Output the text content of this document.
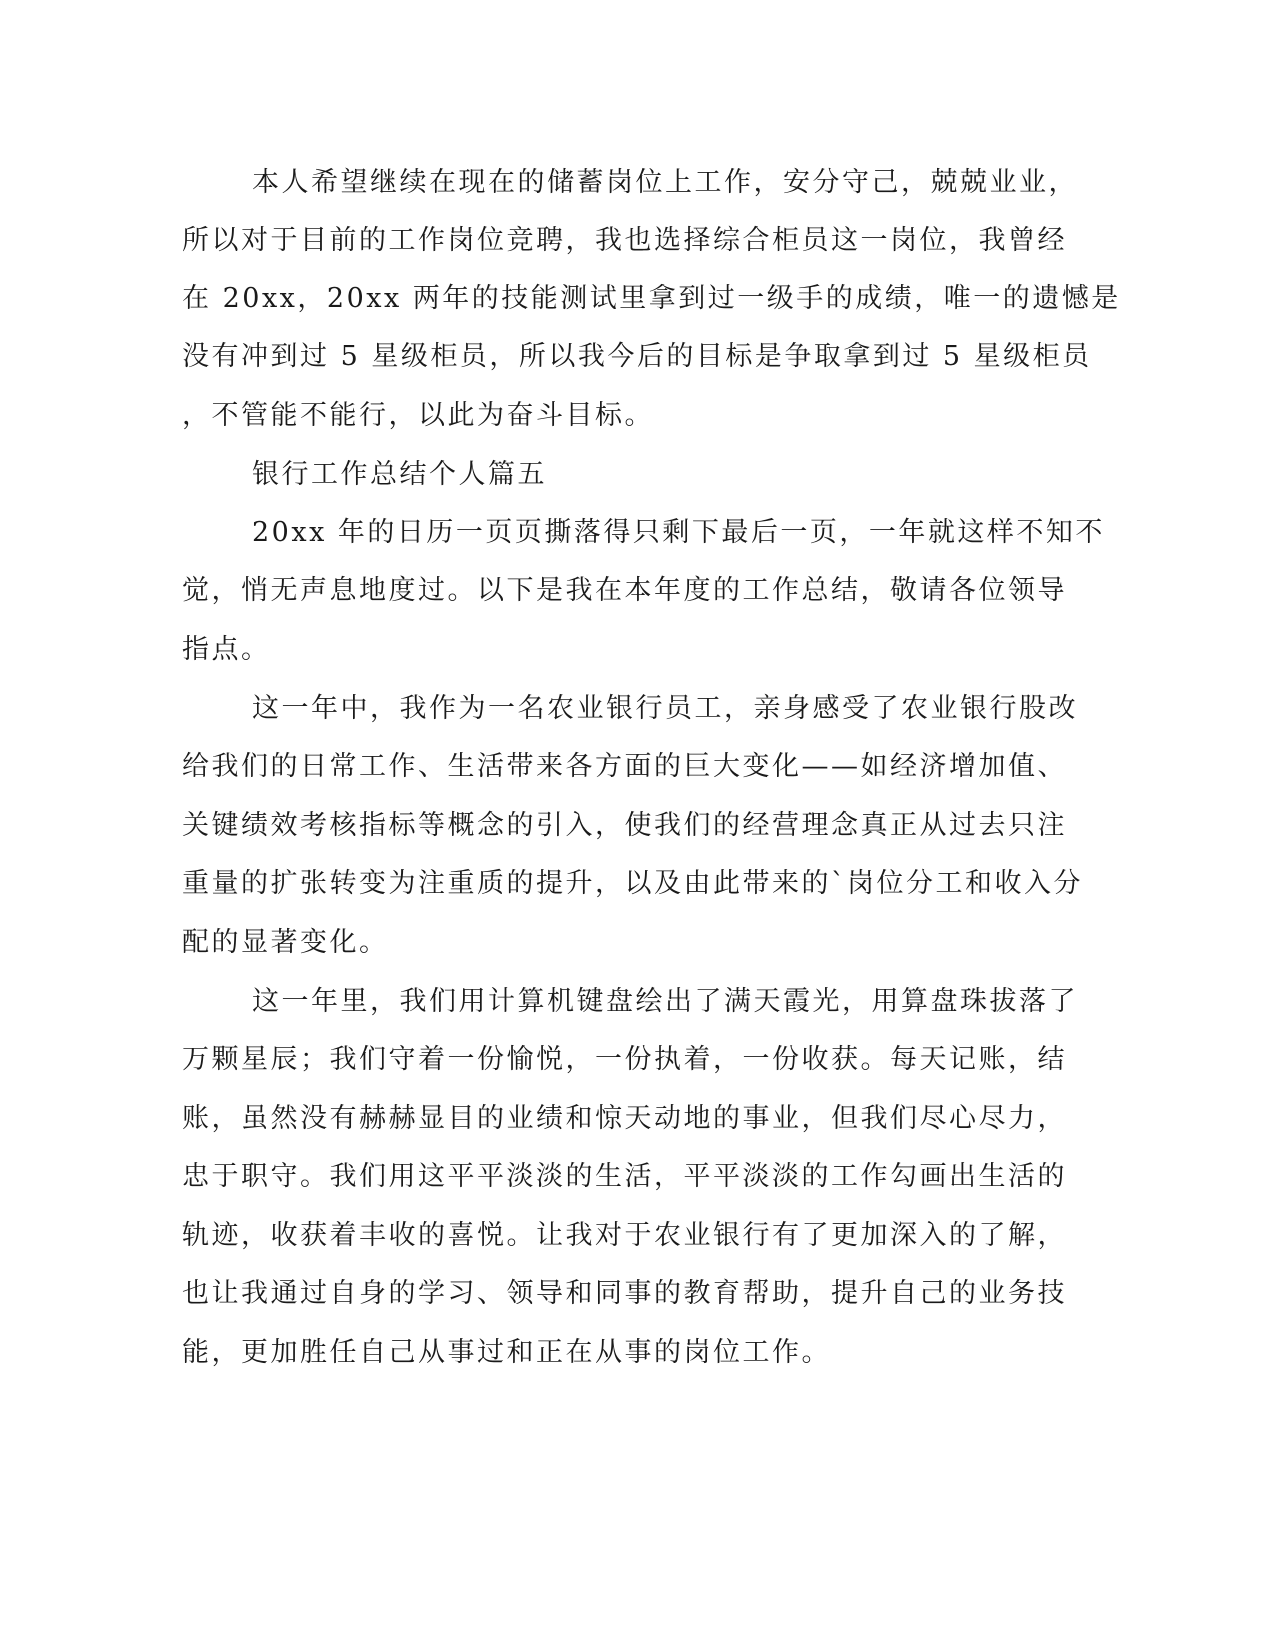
本人希望继续在现在的储蓄岗位上工作，安分守己，兢兢业业，
所以对于目前的工作岗位竞聘，我也选择综合柜员这一岗位，我曾经
在 20xx，20xx 两年的技能测试里拿到过一级手的成绩，唯一的遗憾是
没有冲到过 5 星级柜员，所以我今后的目标是争取拿到过 5 星级柜员
，不管能不能行，以此为奋斗目标。
银行工作总结个人篇五
20xx 年的日历一页页撕落得只剩下最后一页，一年就这样不知不
觉，悄无声息地度过。以下是我在本年度的工作总结，敬请各位领导
指点。
这一年中，我作为一名农业银行员工，亲身感受了农业银行股改
给我们的日常工作、生活带来各方面的巨大变化——如经济增加值、
关键绩效考核指标等概念的引入，使我们的经营理念真正从过去只注
重量的扩张转变为注重质的提升，以及由此带来的`岗位分工和收入分
配的显著变化。
这一年里，我们用计算机键盘绘出了满天霞光，用算盘珠拔落了
万颗星辰；我们守着一份愉悦，一份执着，一份收获。每天记账，结
账，虽然没有赫赫显目的业绩和惊天动地的事业，但我们尽心尽力，
忠于职守。我们用这平平淡淡的生活，平平淡淡的工作勾画出生活的
轨迹，收获着丰收的喜悦。让我对于农业银行有了更加深入的了解，
也让我通过自身的学习、领导和同事的教育帮助，提升自己的业务技
能，更加胜任自己从事过和正在从事的岗位工作。
